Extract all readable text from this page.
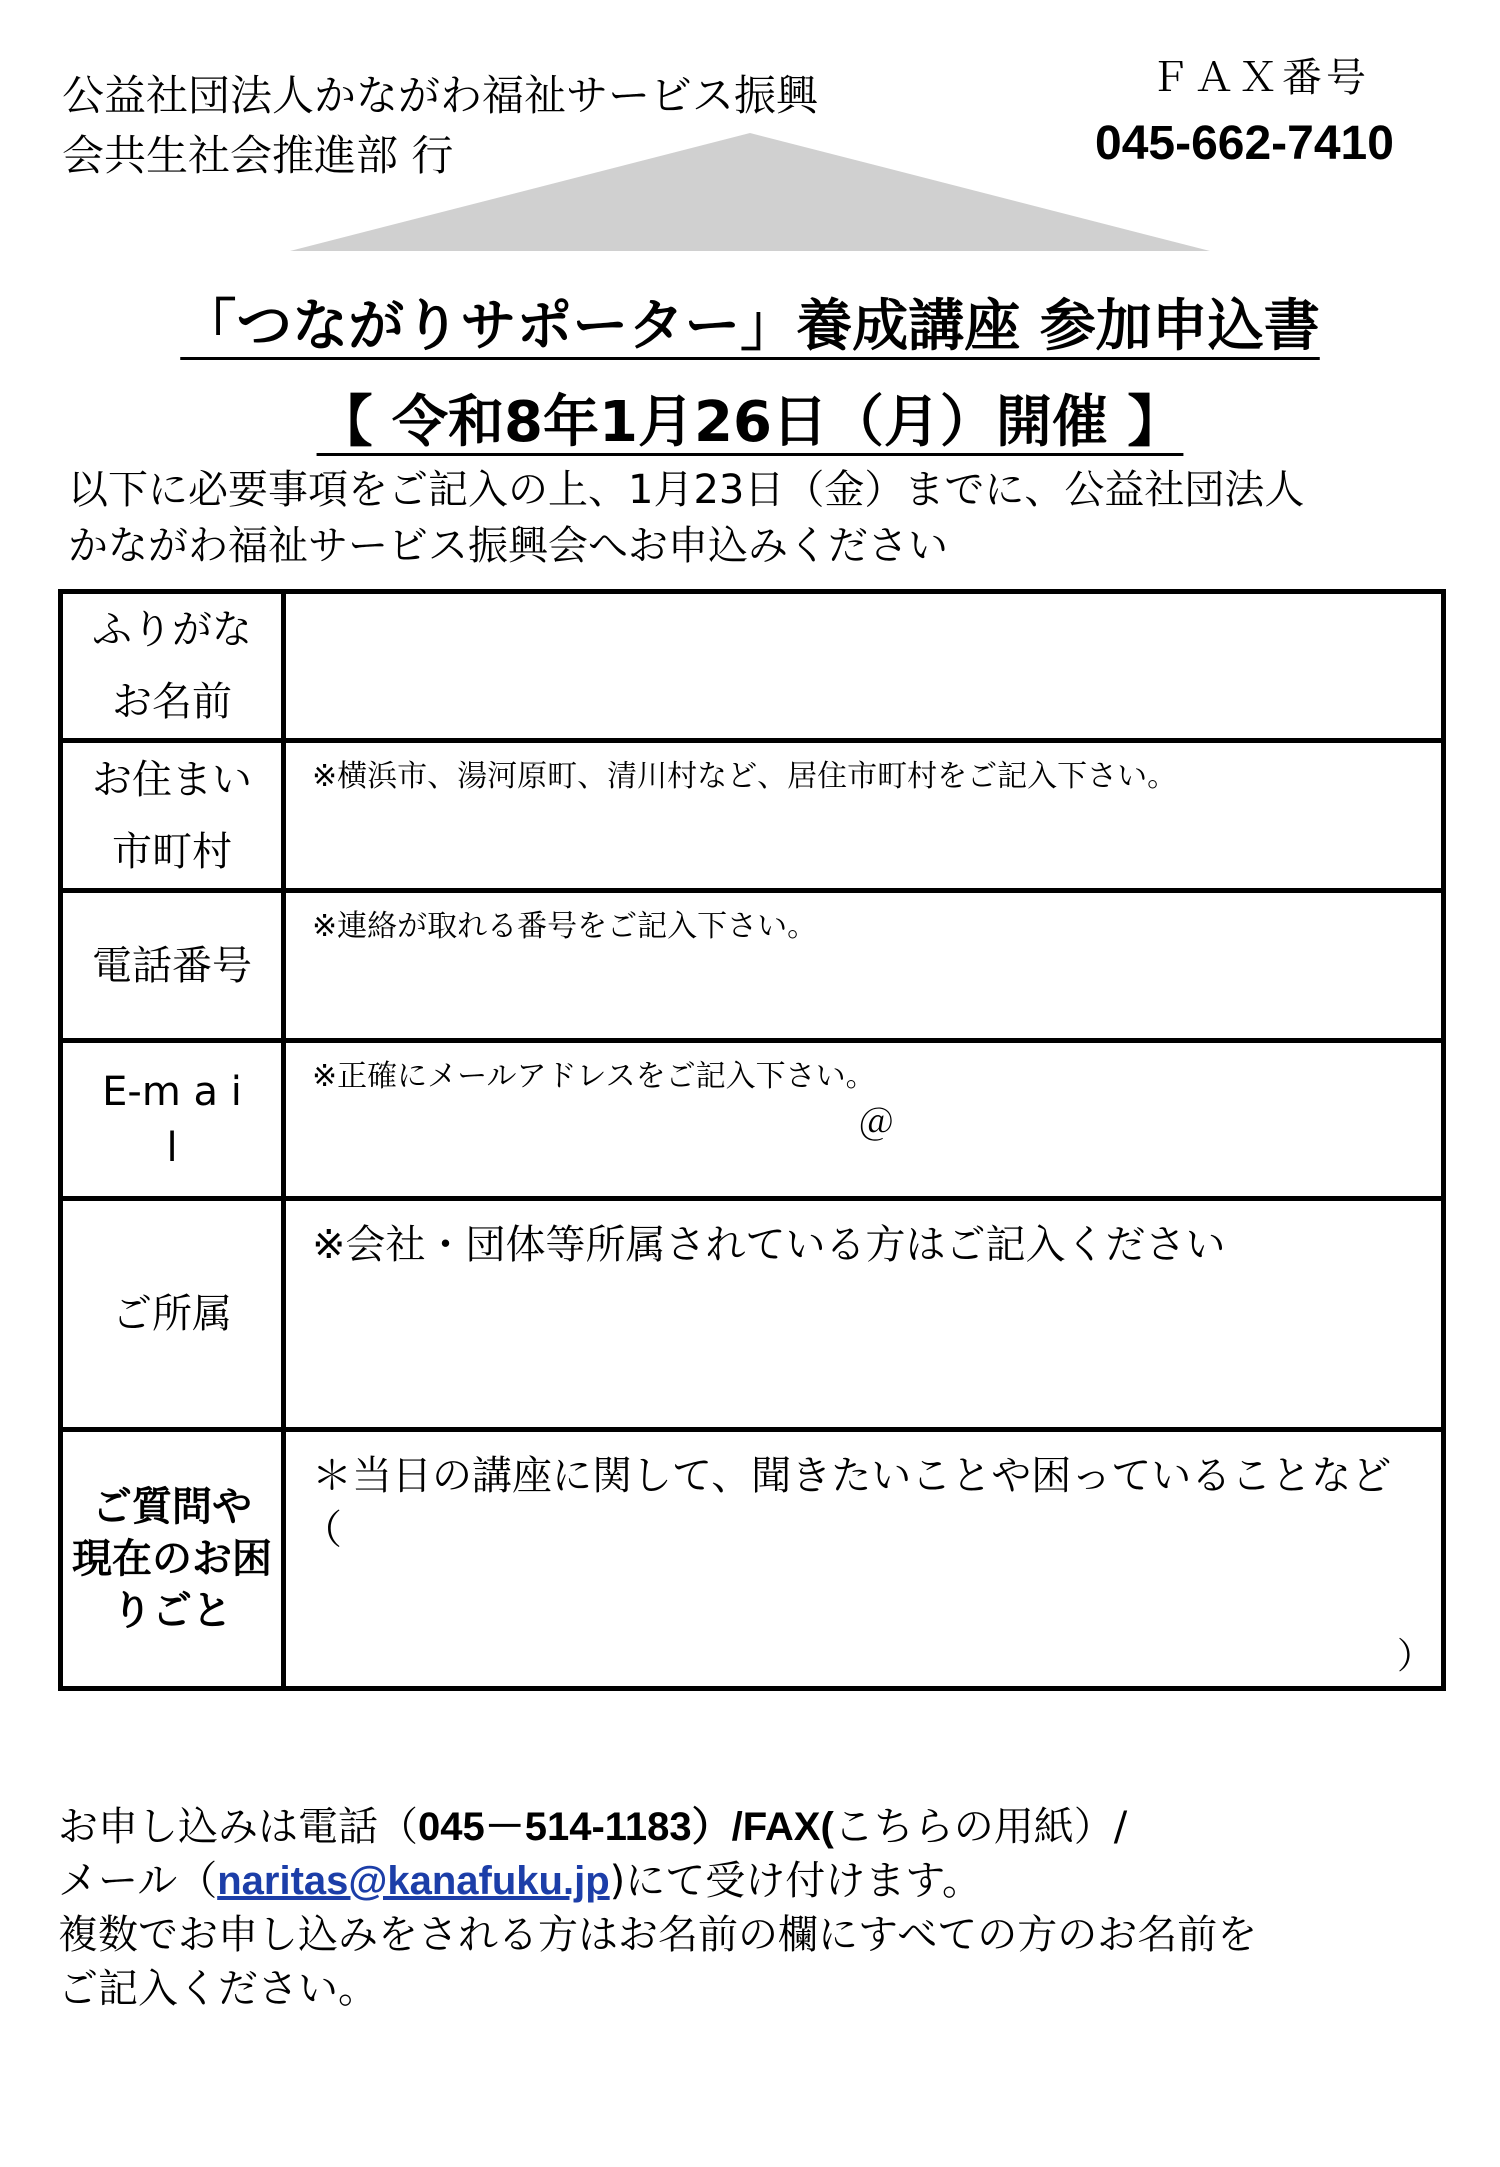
公益社団法人かながわ福祉サービス振興
会共生社会推進部 行
ＦＡＸ番号
045-662-7410
「つながりサポーター」養成講座 参加申込書
【 令和8年1月26日（月）開催 】
以下に必要事項をご記入の上、1月23日（金）までに、公益社団法人
かながわ福祉サービス振興会へお申込みください
ふりがな
お名前
お住まい
市町村
※横浜市、湯河原町、清川村など、居住市町村をご記入下さい。
電話番号
※連絡が取れる番号をご記入下さい。
E-m a i
l
※正確にメールアドレスをご記入下さい。
＠
ご所属
※会社・団体等所属されている方はご記入ください
ご質問や
現在のお困
りごと
＊当日の講座に関して、聞きたいことや困っていることなど
（
）
お申し込みは電話（045－514-1183）/FAX(こちらの用紙）/
メール（naritas@kanafuku.jp)にて受け付けます。
複数でお申し込みをされる方はお名前の欄にすべての方のお名前を
ご記入ください。
